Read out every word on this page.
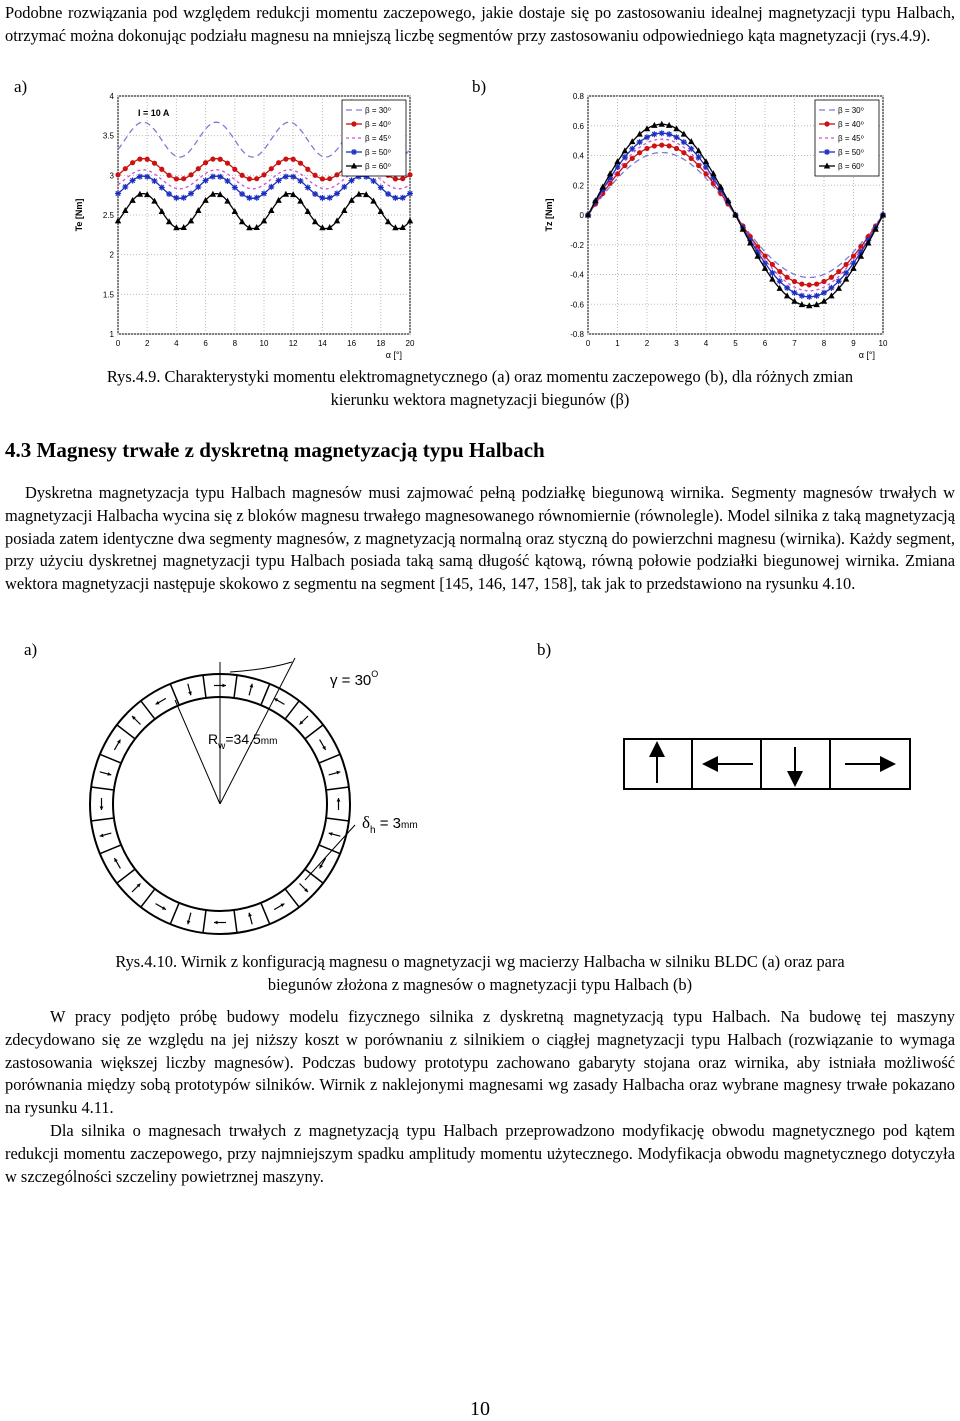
Podobne rozwiązania pod względem redukcji momentu zaczepowego, jakie dostaje się po zastosowaniu idealnej magnetyzacji typu Halbach, otrzymać można dokonując podziału magnesu na mniejszą liczbę segmentów przy zastosowaniu odpowiedniego kąta magnetyzacji (rys.4.9).

a)	b)
0	2	4	6	8	10	12	14	16	18	20
1
1.5
2
2.5
3
3.5
4
α [°]
Te [Nm]
I = 10 A	β = 30⁰
β = 40⁰
β = 45⁰
β = 50⁰
β = 60⁰
0	1	2	3	4	5	6	7	8	9	10
0.8
0.6
0.4
0.2
0
-0.2
-0.4
-0.6
-0.8
α [°]
Tz [Nm]
β = 30⁰
β = 40⁰
β = 45⁰
β = 50⁰
β = 60⁰
Rys.4.9. Charakterystyki momentu elektromagnetycznego (a) oraz momentu zaczepowego (b), dla różnych zmian
kierunku wektora magnetyzacji biegunów (β)
4.3 Magnesy trwałe z dyskretną magnetyzacją typu Halbach

Dyskretna magnetyzacja typu Halbach magnesów musi zajmować pełną podziałkę biegunową wirnika. Segmenty magnesów trwałych w magnetyzacji Halbacha wycina się z bloków magnesu trwałego magnesowanego równomiernie (równolegle). Model silnika z taką magnetyzacją posiada zatem identyczne dwa segmenty magnesów, z magnetyzacją normalną oraz styczną do powierzchni magnesu (wirnika). Każdy segment, przy użyciu dyskretnej magnetyzacji typu Halbach posiada taką samą długość kątową, równą połowie podziałki biegunowej wirnika. Zmiana wektora magnetyzacji następuje skokowo z segmentu na segment [145, 146, 147, 158], tak jak to przedstawiono na rysunku 4.10.

a)	b)
$\gamma = 30^O$
$R_w=34.5mm$
$\delta_h = 3mm$
Rys.4.10. Wirnik z konfiguracją magnesu o magnetyzacji wg macierzy Halbacha w silniku BLDC (a) oraz para
biegunów złożona z magnesów o magnetyzacji typu Halbach (b)

W pracy podjęto próbę budowy modelu fizycznego silnika z dyskretną magnetyzacją typu Halbach. Na budowę tej maszyny zdecydowano się ze względu na jej niższy koszt w porównaniu z silnikiem o ciągłej magnetyzacji typu Halbach (rozwiązanie to wymaga zastosowania większej liczby magnesów). Podczas budowy prototypu zachowano gabaryty stojana oraz wirnika, aby istniała możliwość porównania między sobą prototypów silników. Wirnik z naklejonymi magnesami wg zasady Halbacha oraz wybrane magnesy trwałe pokazano na rysunku 4.11.

Dla silnika o magnesach trwałych z magnetyzacją typu Halbach przeprowadzono modyfikację obwodu magnetycznego pod kątem redukcji momentu zaczepowego, przy najmniejszym spadku amplitudy momentu użytecznego. Modyfikacja obwodu magnetycznego dotyczyła w szczególności szczeliny powietrznej maszyny.

10
